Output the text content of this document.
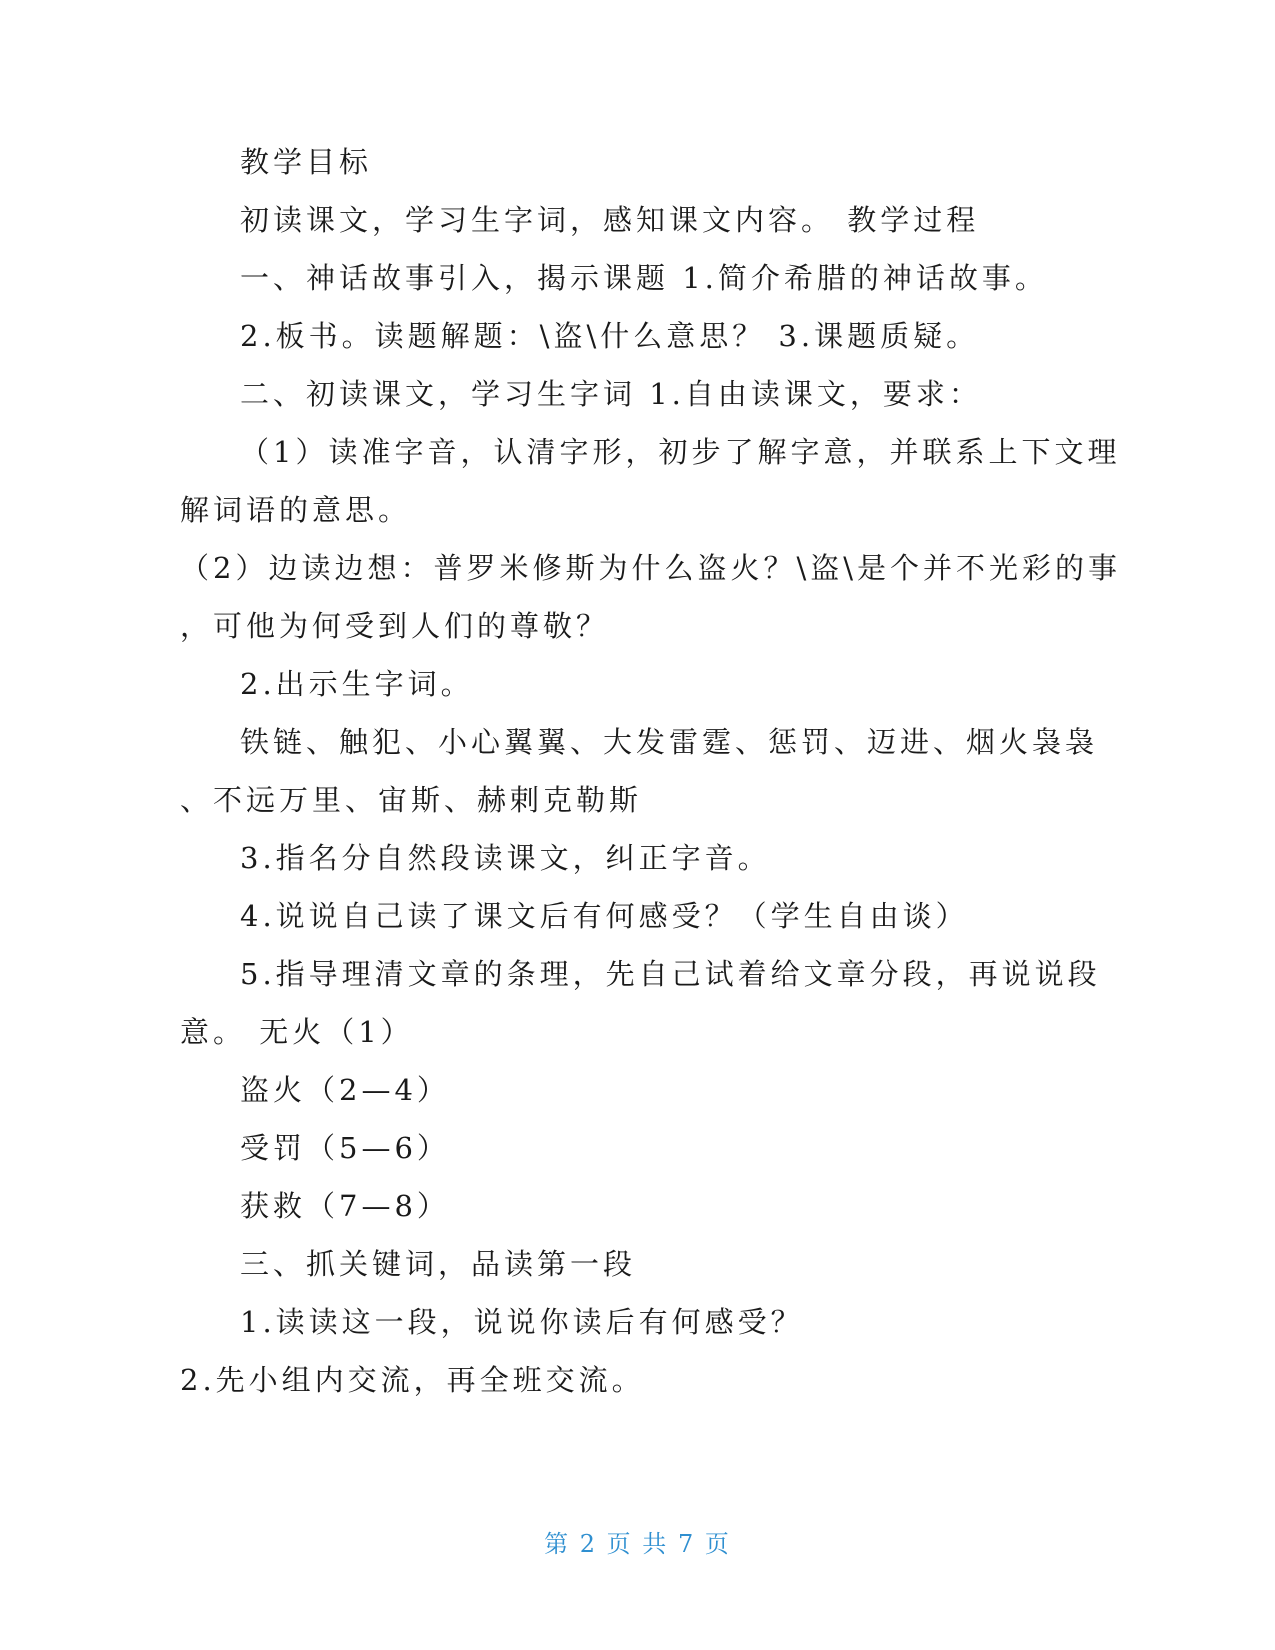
教学目标
初读课文，学习生字词，感知课文内容。 教学过程
一、神话故事引入，揭示课题 1.简介希腊的神话故事。
2.板书。读题解题：\盗\什么意思？ 3.课题质疑。
二、初读课文，学习生字词 1.自由读课文，要求：
（1）读准字音，认清字形，初步了解字意，并联系上下文理
解词语的意思。
（2）边读边想：普罗米修斯为什么盗火？\盗\是个并不光彩的事
，可他为何受到人们的尊敬？
2.出示生字词。
铁链、触犯、小心翼翼、大发雷霆、惩罚、迈进、烟火袅袅
、不远万里、宙斯、赫剌克勒斯
3.指名分自然段读课文，纠正字音。
4.说说自己读了课文后有何感受？（学生自由谈）
5.指导理清文章的条理，先自己试着给文章分段，再说说段
意。 无火（1）
盗火（2—4）
受罚（5—6）
获救（7—8）
三、抓关键词，品读第一段
1.读读这一段，说说你读后有何感受？
2.先小组内交流，再全班交流。
第 2 页 共 7 页
